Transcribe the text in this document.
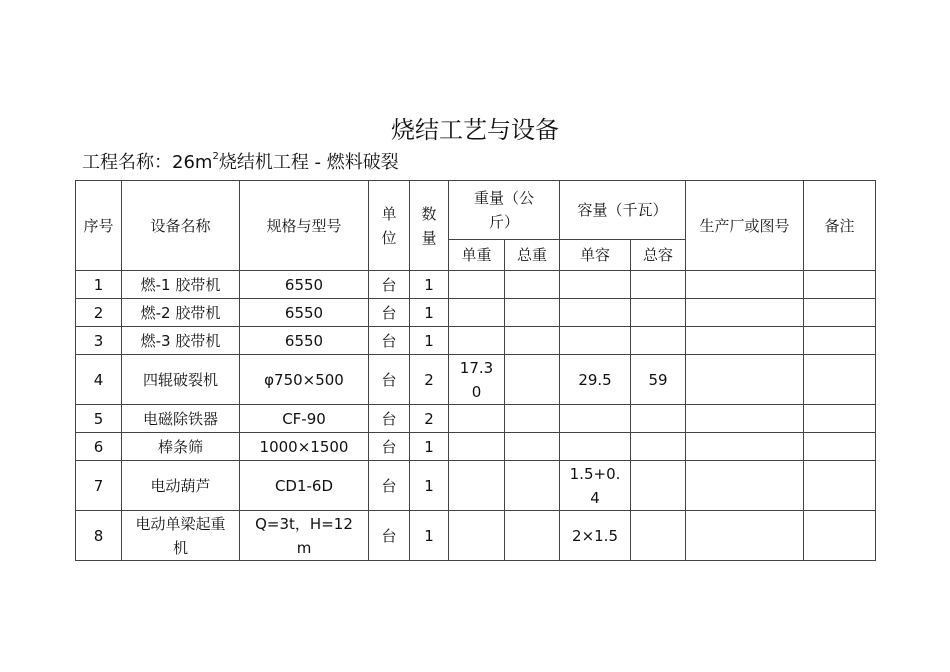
烧结工艺与设备
工程名称：$26m^2$烧结机工程 - 燃料破裂
序号	设备名称	规格与型号	单位	数量	重量（公斤）		容量（千瓦）		生产厂或图号	备注
					单重	总重	单容	总容		
1	燃-1 胶带机	6550	台	1						
2	燃-2 胶带机	6550	台	1						
3	燃-3 胶带机	6550	台	1						
4	四辊破裂机	φ750×500	台	2	17.30		29.5	59		
5	电磁除铁器	CF-90	台	2						
6	棒条筛	1000×1500	台	1						
7	电动葫芦	CD1-6D	台	1			1.5+0.4			
8	电动单梁起重机	Q=3t，H=12m	台	1			2×1.5			
